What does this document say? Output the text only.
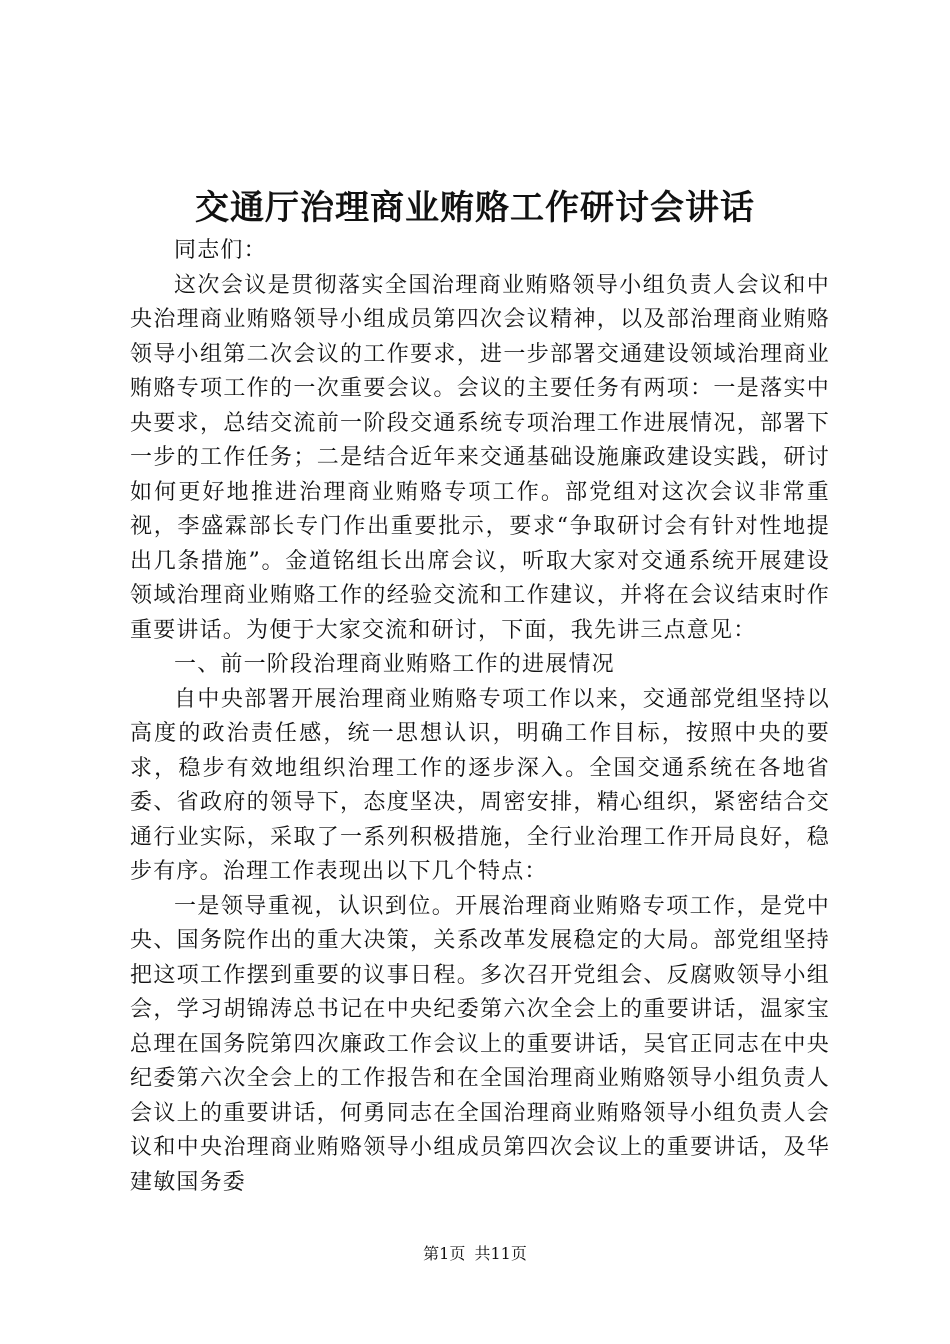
交通厅治理商业贿赂工作研讨会讲话

同志们：

这次会议是贯彻落实全国治理商业贿赂领导小组负责人会议和中央治理商业贿赂领导小组成员第四次会议精神，以及部治理商业贿赂领导小组第二次会议的工作要求，进一步部署交通建设领域治理商业贿赂专项工作的一次重要会议。会议的主要任务有两项：一是落实中央要求，总结交流前一阶段交通系统专项治理工作进展情况，部署下一步的工作任务；二是结合近年来交通基础设施廉政建设实践，研讨如何更好地推进治理商业贿赂专项工作。部党组对这次会议非常重视，李盛霖部长专门作出重要批示，要求“争取研讨会有针对性地提出几条措施”。金道铭组长出席会议，听取大家对交通系统开展建设领域治理商业贿赂工作的经验交流和工作建议，并将在会议结束时作重要讲话。为便于大家交流和研讨，下面，我先讲三点意见：

一、前一阶段治理商业贿赂工作的进展情况

自中央部署开展治理商业贿赂专项工作以来，交通部党组坚持以高度的政治责任感，统一思想认识，明确工作目标，按照中央的要求，稳步有效地组织治理工作的逐步深入。全国交通系统在各地省委、省政府的领导下，态度坚决，周密安排，精心组织，紧密结合交通行业实际，采取了一系列积极措施，全行业治理工作开局良好，稳步有序。治理工作表现出以下几个特点：

一是领导重视，认识到位。开展治理商业贿赂专项工作，是党中央、国务院作出的重大决策，关系改革发展稳定的大局。部党组坚持把这项工作摆到重要的议事日程。多次召开党组会、反腐败领导小组会，学习胡锦涛总书记在中央纪委第六次全会上的重要讲话，温家宝总理在国务院第四次廉政工作会议上的重要讲话，吴官正同志在中央纪委第六次全会上的工作报告和在全国治理商业贿赂领导小组负责人会议上的重要讲话，何勇同志在全国治理商业贿赂领导小组负责人会议和中央治理商业贿赂领导小组成员第四次会议上的重要讲话，及华建敏国务委

第1页 共11页
